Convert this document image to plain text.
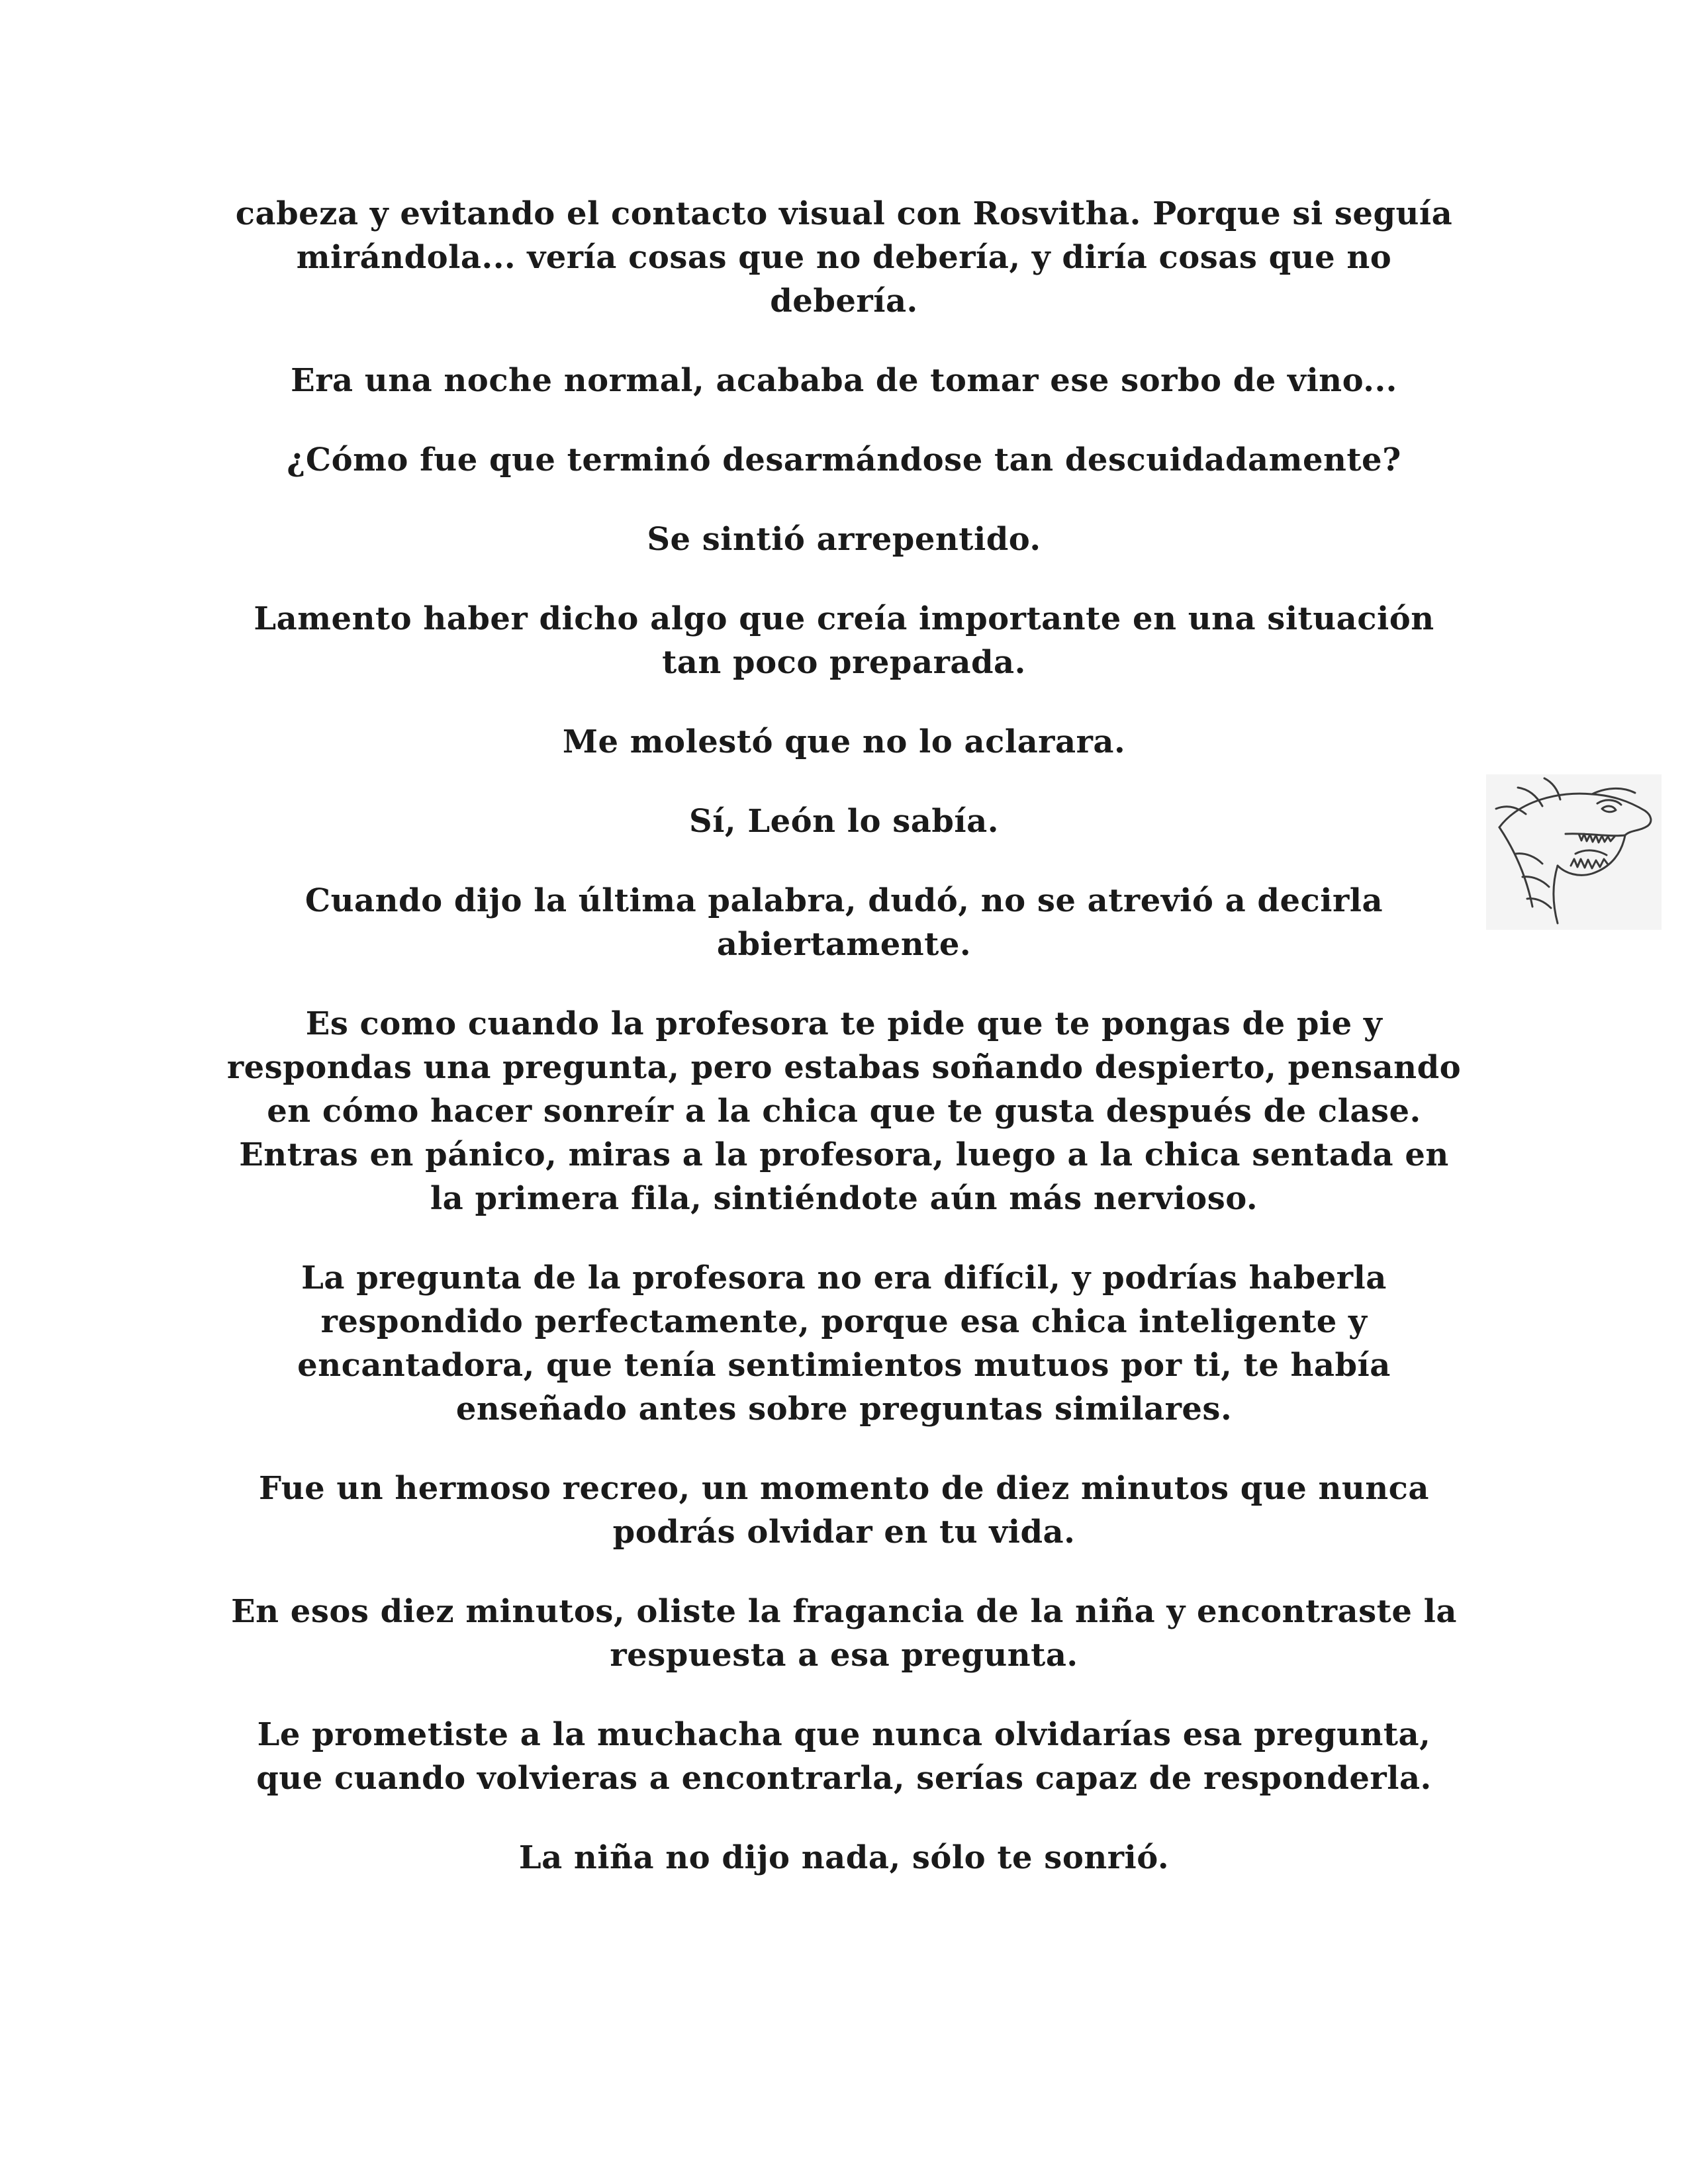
cabeza y evitando el contacto visual con Rosvitha. Porque si seguía mirándola... vería cosas que no debería, y diría cosas que no debería.

Era una noche normal, acababa de tomar ese sorbo de vino...

¿Cómo fue que terminó desarmándose tan descuidadamente?

Se sintió arrepentido.

Lamento haber dicho algo que creía importante en una situación tan poco preparada.

Me molestó que no lo aclarara.

Sí, León lo sabía.

Cuando dijo la última palabra, dudó, no se atrevió a decirla abiertamente.

Es como cuando la profesora te pide que te pongas de pie y respondas una pregunta, pero estabas soñando despierto, pensando en cómo hacer sonreír a la chica que te gusta después de clase. Entras en pánico, miras a la profesora, luego a la chica sentada en la primera fila, sintiéndote aún más nervioso.

La pregunta de la profesora no era difícil, y podrías haberla respondido perfectamente, porque esa chica inteligente y encantadora, que tenía sentimientos mutuos por ti, te había enseñado antes sobre preguntas similares.

Fue un hermoso recreo, un momento de diez minutos que nunca podrás olvidar en tu vida.

En esos diez minutos, oliste la fragancia de la niña y encontraste la respuesta a esa pregunta.

Le prometiste a la muchacha que nunca olvidarías esa pregunta, que cuando volvieras a encontrarla, serías capaz de responderla.

La niña no dijo nada, sólo te sonrió.
